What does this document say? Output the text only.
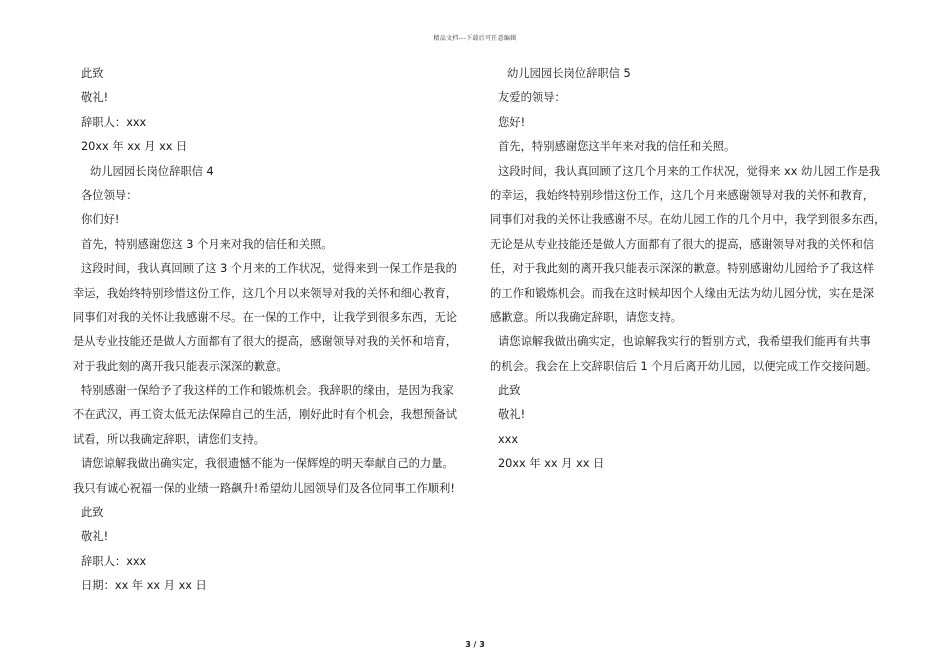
精品文档---下载后可任意编辑
此致
敬礼!
辞职人：xxx
20xx 年 xx 月 xx 日
幼儿园园长岗位辞职信 4
各位领导：
你们好!
首先，特别感谢您这 3 个月来对我的信任和关照。
这段时间，我认真回顾了这 3 个月来的工作状况，觉得来到一保工作是我的
幸运，我始终特别珍惜这份工作，这几个月以来领导对我的关怀和细心教育，
同事们对我的关怀让我感谢不尽。在一保的工作中，让我学到很多东西，无论
是从专业技能还是做人方面都有了很大的提高，感谢领导对我的关怀和培育，
对于我此刻的离开我只能表示深深的歉意。
特别感谢一保给予了我这样的工作和锻炼机会。我辞职的缘由，是因为我家
不在武汉，再工资太低无法保障自己的生活，刚好此时有个机会，我想预备试
试看，所以我确定辞职，请您们支持。
请您谅解我做出确实定，我很遗憾不能为一保辉煌的明天奉献自己的力量。
我只有诚心祝福一保的业绩一路飙升!希望幼儿园领导们及各位同事工作顺利!
此致
敬礼!
辞职人：xxx
日期：xx 年 xx 月 xx 日
幼儿园园长岗位辞职信 5
友爱的领导：
您好!
首先，特别感谢您这半年来对我的信任和关照。
这段时间，我认真回顾了这几个月来的工作状况，觉得来 xx 幼儿园工作是我
的幸运，我始终特别珍惜这份工作，这几个月来感谢领导对我的关怀和教育，
同事们对我的关怀让我感谢不尽。在幼儿园工作的几个月中，我学到很多东西，
无论是从专业技能还是做人方面都有了很大的提高，感谢领导对我的关怀和信
任，对于我此刻的离开我只能表示深深的歉意。特别感谢幼儿园给予了我这样
的工作和锻炼机会。而我在这时候却因个人缘由无法为幼儿园分忧，实在是深
感歉意。所以我确定辞职，请您支持。
请您谅解我做出确实定，也谅解我实行的暂别方式，我希望我们能再有共事
的机会。我会在上交辞职信后 1 个月后离开幼儿园，以便完成工作交接问题。
此致
敬礼!
xxx
20xx 年 xx 月 xx 日
3 / 3
